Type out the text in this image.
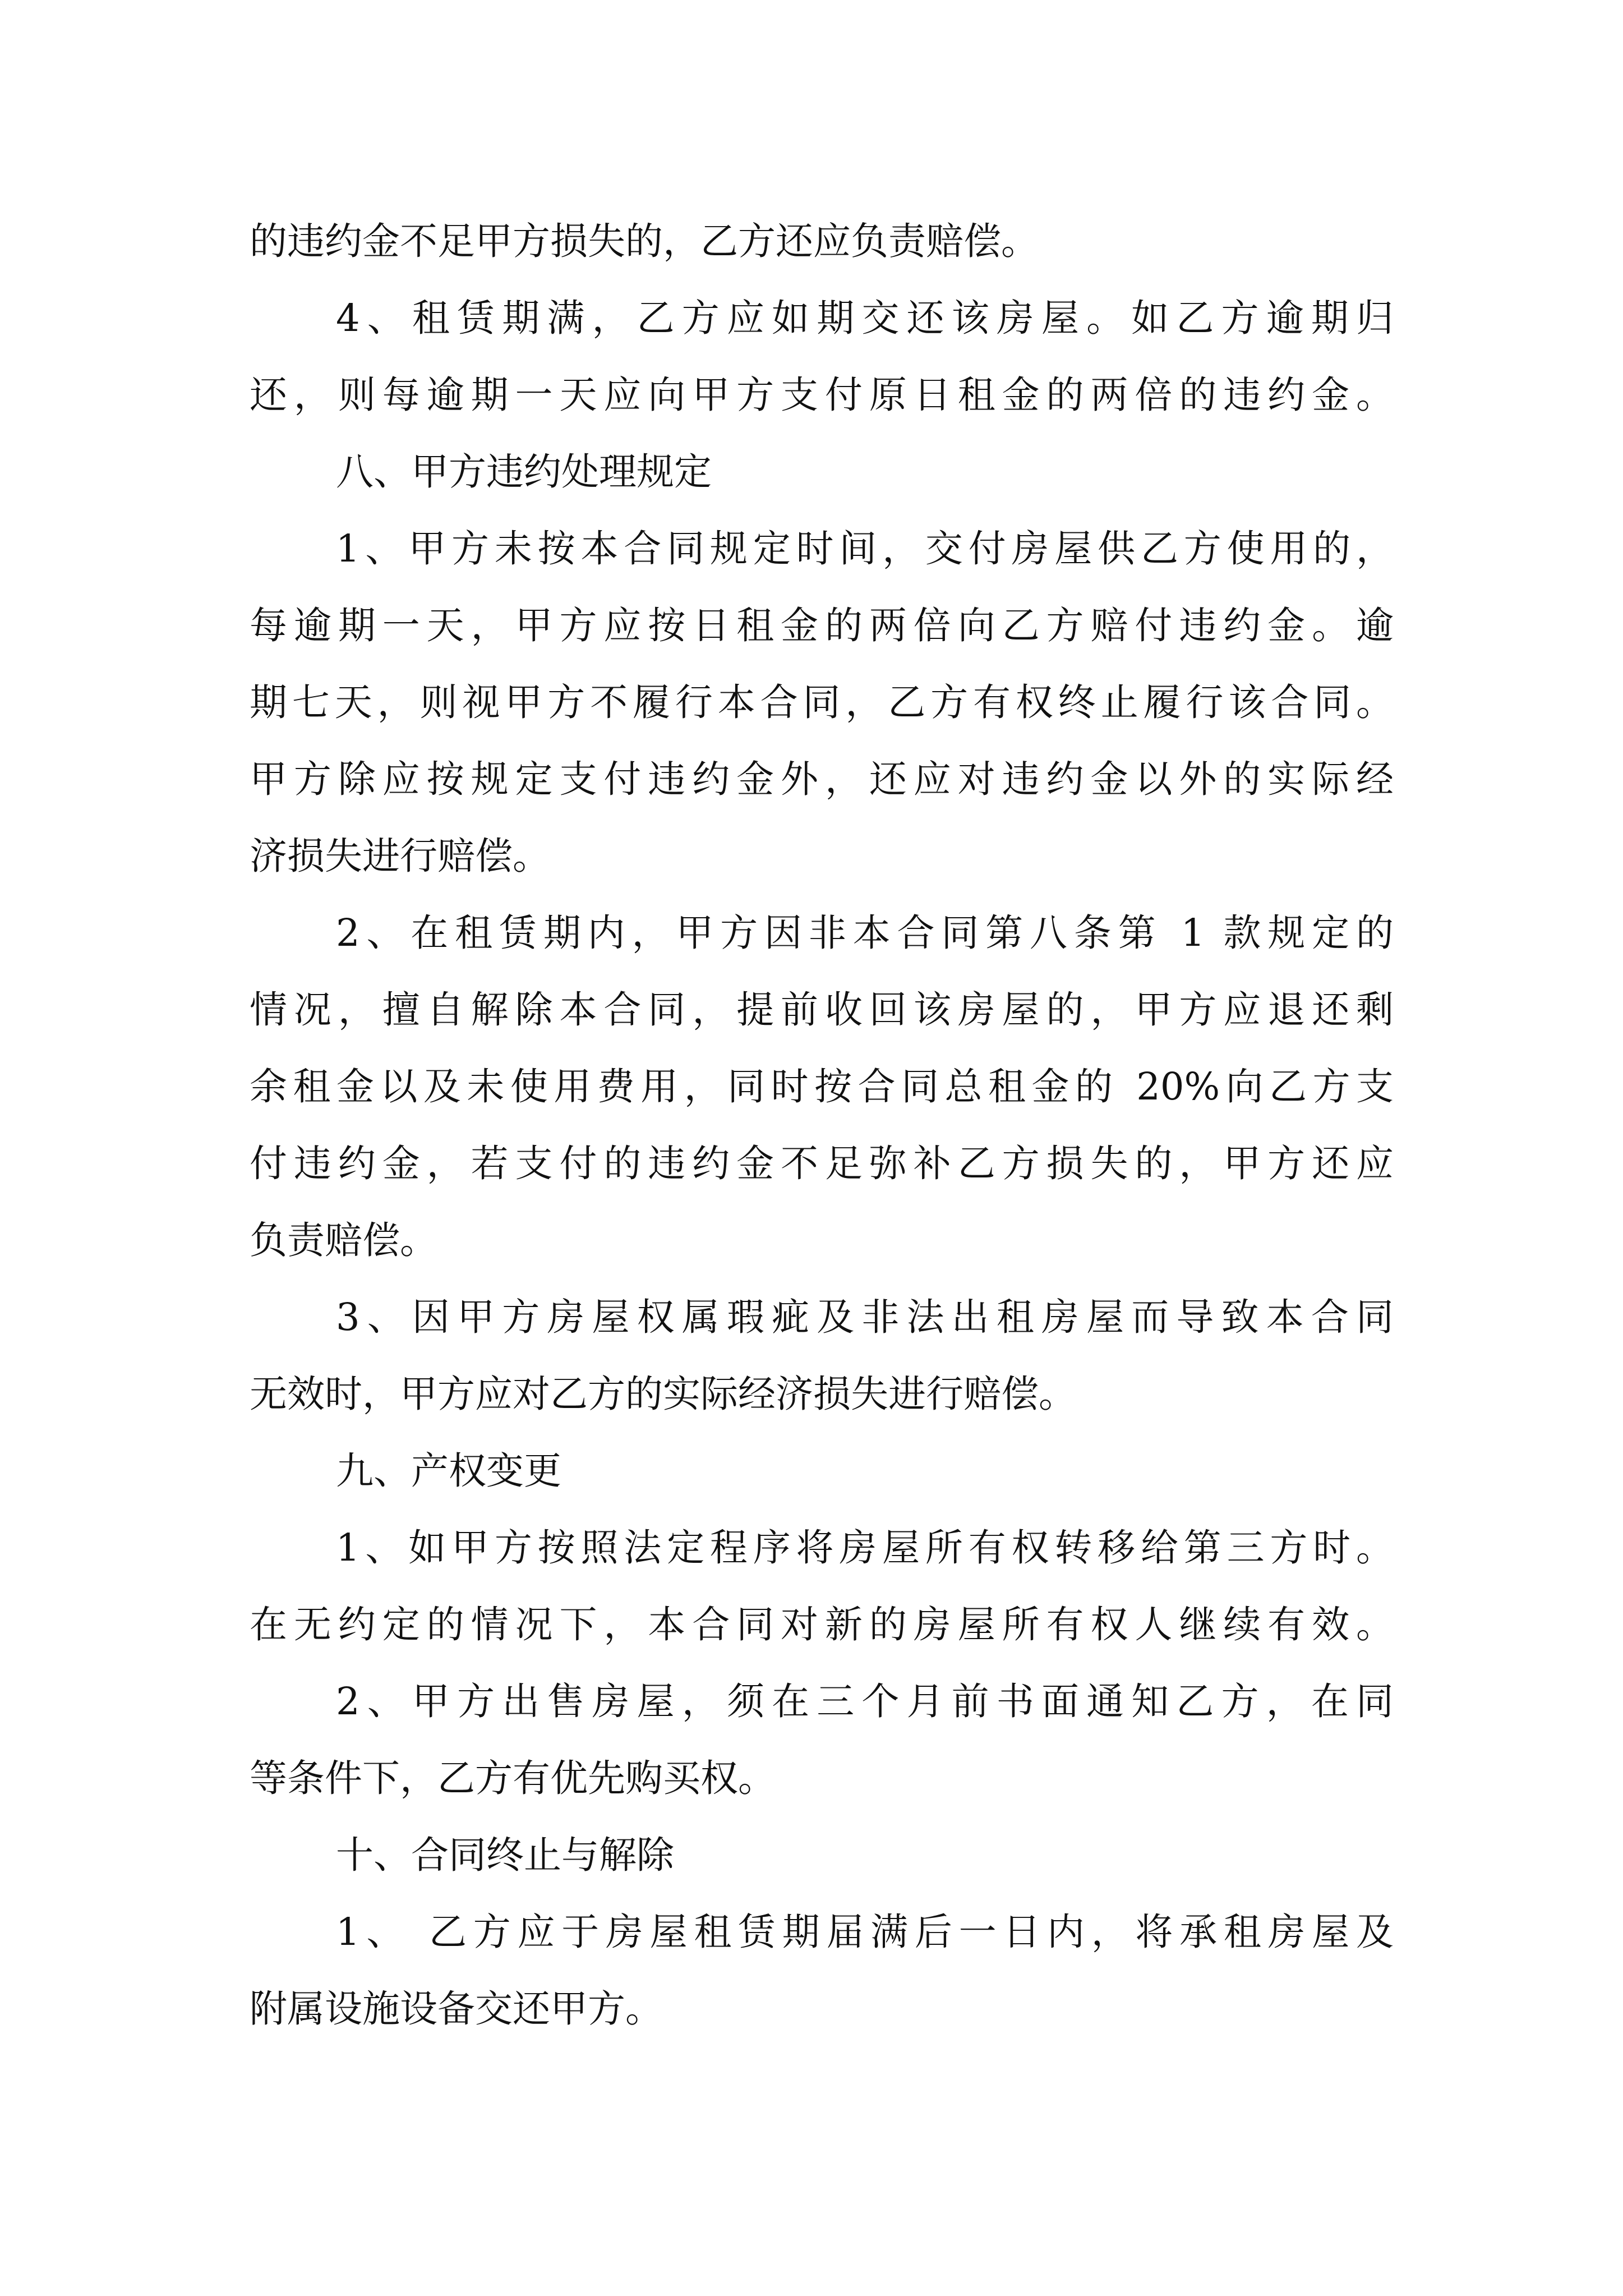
的违约金不足甲方损失的，乙方还应负责赔偿。
4、租赁期满，乙方应如期交还该房屋。如乙方逾期归
还，则每逾期一天应向甲方支付原日租金的两倍的违约金。
八、甲方违约处理规定
1、甲方未按本合同规定时间，交付房屋供乙方使用的，
每逾期一天，甲方应按日租金的两倍向乙方赔付违约金。逾
期七天，则视甲方不履行本合同，乙方有权终止履行该合同。
甲方除应按规定支付违约金外，还应对违约金以外的实际经
济损失进行赔偿。
2、在租赁期内，甲方因非本合同第八条第 1 款规定的
情况，擅自解除本合同，提前收回该房屋的，甲方应退还剩
余租金以及未使用费用，同时按合同总租金的 20%向乙方支
付违约金，若支付的违约金不足弥补乙方损失的，甲方还应
负责赔偿。
3、因甲方房屋权属瑕疵及非法出租房屋而导致本合同
无效时，甲方应对乙方的实际经济损失进行赔偿。
九、产权变更
1、如甲方按照法定程序将房屋所有权转移给第三方时。
在无约定的情况下，本合同对新的房屋所有权人继续有效。
2、甲方出售房屋，须在三个月前书面通知乙方，在同
等条件下，乙方有优先购买权。
十、合同终止与解除
1、 乙方应于房屋租赁期届满后一日内，将承租房屋及
附属设施设备交还甲方。
